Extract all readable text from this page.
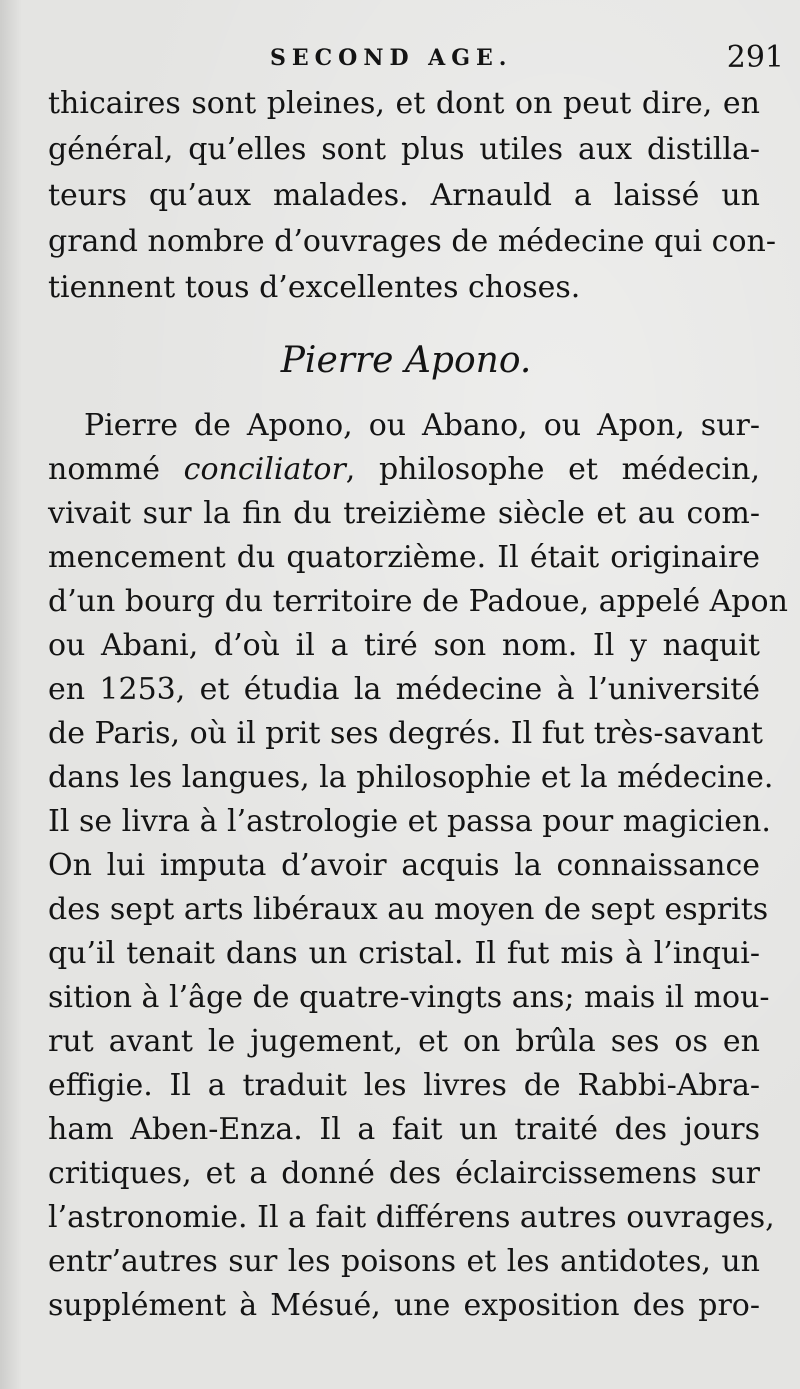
SECOND AGE.	291
thicaires sont pleines, et dont on peut dire, en
général, qu’elles sont plus utiles aux distilla-
teurs qu’aux malades. Arnauld a laissé un
grand nombre d’ouvrages de médecine qui con-
tiennent tous d’excellentes choses.
Pierre Apono.
Pierre de Apono, ou Abano, ou Apon, sur-
nommé conciliator, philosophe et médecin,
vivait sur la fin du treizième siècle et au com-
mencement du quatorzième. Il était originaire
d’un bourg du territoire de Padoue, appelé Apon
ou Abani, d’où il a tiré son nom. Il y naquit
en 1253, et étudia la médecine à l’université
de Paris, où il prit ses degrés. Il fut très-savant
dans les langues, la philosophie et la médecine.
Il se livra à l’astrologie et passa pour magicien.
On lui imputa d’avoir acquis la connaissance
des sept arts libéraux au moyen de sept esprits
qu’il tenait dans un cristal. Il fut mis à l’inqui-
sition à l’âge de quatre-vingts ans; mais il mou-
rut avant le jugement, et on brûla ses os en
effigie. Il a traduit les livres de Rabbi-Abra-
ham Aben-Enza. Il a fait un traité des jours
critiques, et a donné des éclaircissemens sur
l’astronomie. Il a fait différens autres ouvrages,
entr’autres sur les poisons et les antidotes, un
supplément à Mésué, une exposition des pro-
